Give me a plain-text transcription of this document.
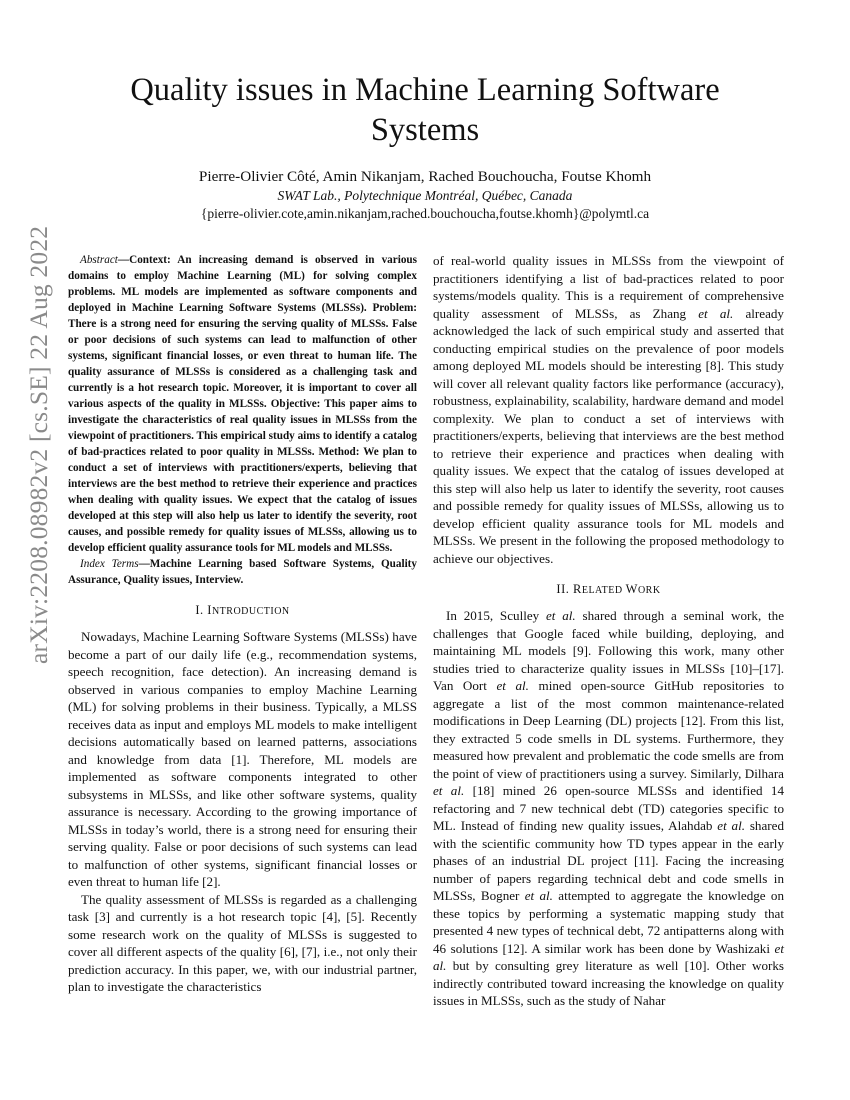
Quality issues in Machine Learning Software
Systems
Pierre-Olivier Côté, Amin Nikanjam, Rached Bouchoucha, Foutse Khomh
SWAT Lab., Polytechnique Montréal, Québec, Canada
{pierre-olivier.cote,amin.nikanjam,rached.bouchoucha,foutse.khomh}@polymtl.ca
arXiv:2208.08982v2 [cs.SE] 22 Aug 2022	Abstract—Context: An increasing demand is observed in various domains to employ Machine Learning (ML) for solving complex problems. ML models are implemented as software components and deployed in Machine Learning Software Systems (MLSSs). Problem: There is a strong need for ensuring the serving quality of MLSSs. False or poor decisions of such systems can lead to malfunction of other systems, significant financial losses, or even threat to human life. The quality assurance of MLSSs is considered as a challenging task and currently is a hot research topic. Moreover, it is important to cover all various aspects of the quality in MLSSs. Objective: This paper aims to investigate the characteristics of real quality issues in MLSSs from the viewpoint of practitioners. This empirical study aims to identify a catalog of bad-practices related to poor quality in MLSSs. Method: We plan to conduct a set of interviews with practitioners/experts, believing that interviews are the best method to retrieve their experience and practices when dealing with quality issues. We expect that the catalog of issues developed at this step will also help us later to identify the severity, root causes, and possible remedy for quality issues of MLSSs, allowing us to develop efficient quality assurance tools for ML models and MLSSs.

Index Terms—Machine Learning based Software Systems, Quality Assurance, Quality issues, Interview.

I. INTRODUCTION

Nowadays, Machine Learning Software Systems (MLSSs) have become a part of our daily life (e.g., recommendation systems, speech recognition, face detection). An increasing demand is observed in various companies to employ Machine Learning (ML) for solving problems in their business. Typically, a MLSS receives data as input and employs ML models to make intelligent decisions automatically based on learned patterns, associations and knowledge from data [1]. Therefore, ML models are implemented as software components integrated to other subsystems in MLSSs, and like other software systems, quality assurance is necessary. According to the growing importance of MLSSs in today’s world, there is a strong need for ensuring their serving quality. False or poor decisions of such systems can lead to malfunction of other systems, significant financial losses or even threat to human life [2].

The quality assessment of MLSSs is regarded as a challenging task [3] and currently is a hot research topic [4], [5]. Recently some research work on the quality of MLSSs is suggested to cover all different aspects of the quality [6], [7], i.e., not only their prediction accuracy. In this paper, we, with our industrial partner, plan to investigate the characteristics

of real-world quality issues in MLSSs from the viewpoint of practitioners identifying a list of bad-practices related to poor systems/models quality. This is a requirement of comprehensive quality assessment of MLSSs, as Zhang et al. already acknowledged the lack of such empirical study and asserted that conducting empirical studies on the prevalence of poor models among deployed ML models should be interesting [8]. This study will cover all relevant quality factors like performance (accuracy), robustness, explainability, scalability, hardware demand and model complexity. We plan to conduct a set of interviews with practitioners/experts, believing that interviews are the best method to retrieve their experience and practices when dealing with quality issues. We expect that the catalog of issues developed at this step will also help us later to identify the severity, root causes and possible remedy for quality issues of MLSSs, allowing us to develop efficient quality assurance tools for ML models and MLSSs. We present in the following the proposed methodology to achieve our objectives.

II. RELATED WORK

In 2015, Sculley et al. shared through a seminal work, the challenges that Google faced while building, deploying, and maintaining ML models [9]. Following this work, many other studies tried to characterize quality issues in MLSSs [10]–[17]. Van Oort et al. mined open-source GitHub repositories to aggregate a list of the most common maintenance-related modifications in Deep Learning (DL) projects [12]. From this list, they extracted 5 code smells in DL systems. Furthermore, they measured how prevalent and problematic the code smells are from the point of view of practitioners using a survey. Similarly, Dilhara et al. [18] mined 26 open-source MLSSs and identified 14 refactoring and 7 new technical debt (TD) categories specific to ML. Instead of finding new quality issues, Alahdab et al. shared with the scientific community how TD types appear in the early phases of an industrial DL project [11]. Facing the increasing number of papers regarding technical debt and code smells in MLSSs, Bogner et al. attempted to aggregate the knowledge on these topics by performing a systematic mapping study that presented 4 new types of technical debt, 72 antipatterns along with 46 solutions [12]. A similar work has been done by Washizaki et al. but by consulting grey literature as well [10]. Other works indirectly contributed toward increasing the knowledge on quality issues in MLSSs, such as the study of Nahar
